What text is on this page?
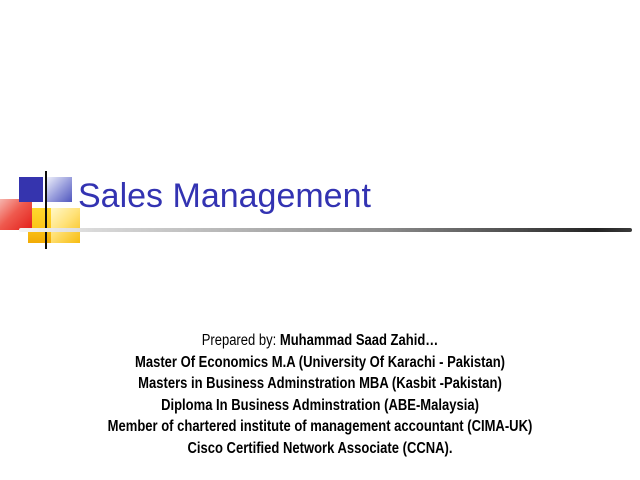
Sales Management
Prepared by: Muhammad Saad Zahid…
Master Of Economics M.A (University Of Karachi - Pakistan)
Masters in Business Adminstration MBA (Kasbit -Pakistan)
Diploma In Business Adminstration (ABE-Malaysia)
Member of chartered institute of management accountant (CIMA-UK)
Cisco Certified Network Associate (CCNA).
